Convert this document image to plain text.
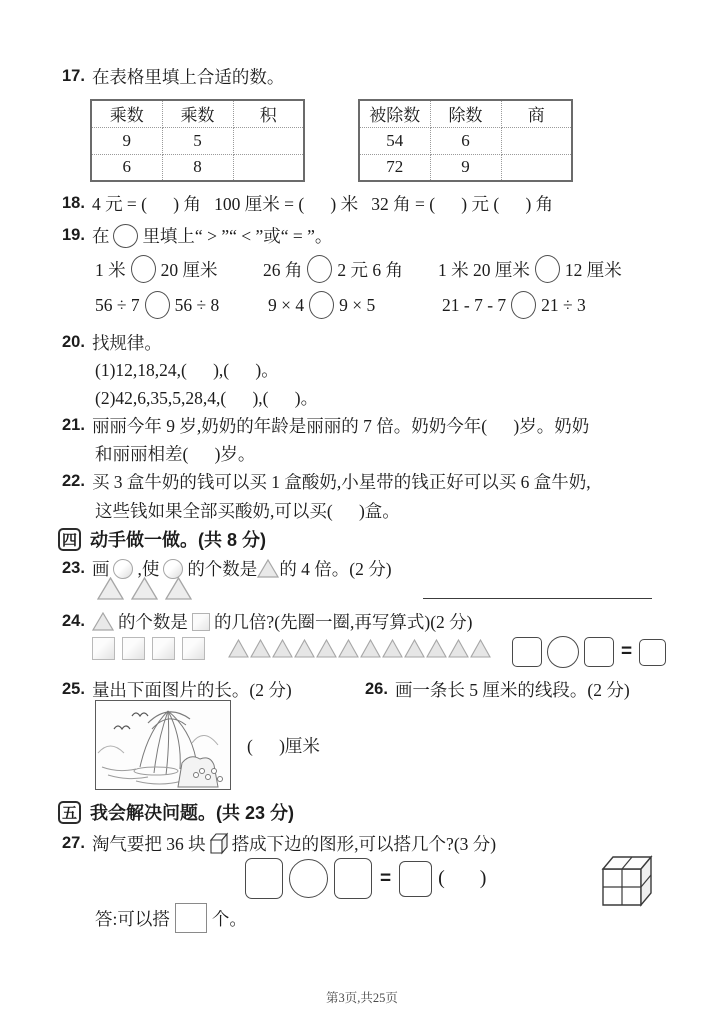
17. 在表格里填上合适的数。
乘数	乘数	积
9	5	
6	8	
被除数	除数	商
54	6	
72	9	
18. 4 元 = (      ) 角   100 厘米 = (      ) 米   32 角 = (      ) 元 (      ) 角
19. 在 里填上“ > ”“ < ”或“ = ”。
1 米 20 厘米	26 角 2 元 6 角 1 米 20 厘米 12 厘米
56 ÷ 7 56 ÷ 8	9 × 4 9 × 5	21 - 7 - 7 21 ÷ 3
20. 找规律。
(1)12,18,24,(      ),(      )。
(2)42,6,35,5,28,4,(      ),(      )。
21. 丽丽今年 9 岁,奶奶的年龄是丽丽的 7 倍。奶奶今年(      )岁。奶奶
和丽丽相差(      )岁。
22. 买 3 盒牛奶的钱可以买 1 盒酸奶,小星带的钱正好可以买 6 盒牛奶,
这些钱如果全部买酸奶,可以买(      )盒。
四 动手做一做。(共 8 分)
23. 画 ,使 的个数是 的 4 倍。(2 分)
24. 的个数是 的几倍?(先圈一圈,再写算式)(2 分)
=
25. 量出下面图片的长。(2 分)	26. 画一条长 5 厘米的线段。(2 分)
(      )厘米
五 我会解决问题。(共 23 分)
27. 淘气要把 36 块 搭成下边的图形,可以搭几个?(3 分)
= (       )
答:可以搭 个。
第3页,共25页
